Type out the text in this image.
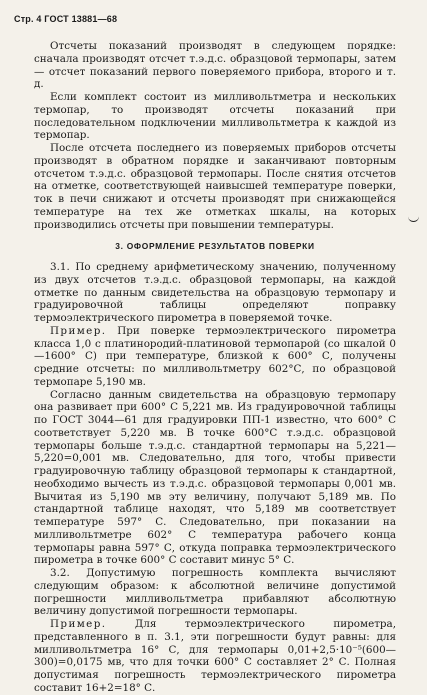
Стр. 4 ГОСТ 13881—68

Отсчеты показаний производят в следующем порядке: сначала производят отсчет т.э.д.с. образцовой термопары, затем — отсчет показаний первого поверяемого прибора, второго и т. д.

Если комплект состоит из милливольтметра и нескольких термопар, то производят отсчеты показаний при последовательном подключении милливольтметра к каждой из термопар.

После отсчета последнего из поверяемых приборов отсчеты производят в обратном порядке и заканчивают повторным отсчетом т.э.д.с. образцовой термопары. После снятия отсчетов на отметке, соответствующей наивысшей температуре поверки, ток в печи снижают и отсчеты производят при снижающейся температуре на тех же отметках шкалы, на которых производились отсчеты при повышении температуры.

3. ОФОРМЛЕНИЕ РЕЗУЛЬТАТОВ ПОВЕРКИ

3.1. По среднему арифметическому значению, полученному из двух отсчетов т.э.д.с. образцовой термопары, на каждой отметке по данным свидетельства на образцовую термопару и градуировочной таблицы определяют поправку термоэлектрического пирометра в поверяемой точке.

Пример. При поверке термоэлектрического пирометра класса 1,0 с платинородий-платиновой термопарой (со шкалой 0—1600° С) при температуре, близкой к 600° С, получены средние отсчеты: по милливольтметру 602°С, по образцовой термопаре 5,190 мв.

Согласно данным свидетельства на образцовую термопару она развивает при 600° С 5,221 мв. Из градуировочной таблицы по ГОСТ 3044—61 для градуировки ПП-1 известно, что 600° С соответствует 5,220 мв. В точке 600°С т.э.д.с. образцовой термопары больше т.э.д.с. стандартной термопары на 5,221—5,220=0,001 мв. Следовательно, для того, чтобы привести градуировочную таблицу образцовой термопары к стандартной, необходимо вычесть из т.э.д.с. образцовой термопары 0,001 мв. Вычитая из 5,190 мв эту величину, получают 5,189 мв. По стандартной таблице находят, что 5,189 мв соответствует температуре 597° С. Следовательно, при показании на милливольтметре 602° С температура рабочего конца термопары равна 597° С, откуда поправка термоэлектрического пирометра в точке 600° С составит минус 5° С.

3.2. Допустимую погрешность комплекта вычисляют следующим образом: к абсолютной величине допустимой погрешности милливольтметра прибавляют абсолютную величину допустимой погрешности термопары.

Пример. Для термоэлектрического пирометра, представленного в п. 3.1, эти погрешности будут равны: для милливольтметра 16° С, для термопары 0,01+2,5·10⁻⁵(600—300)=0,0175 мв, что для точки 600° С составляет 2° С. Полная допустимая погрешность термоэлектрического пирометра составит 16+2=18° С.
